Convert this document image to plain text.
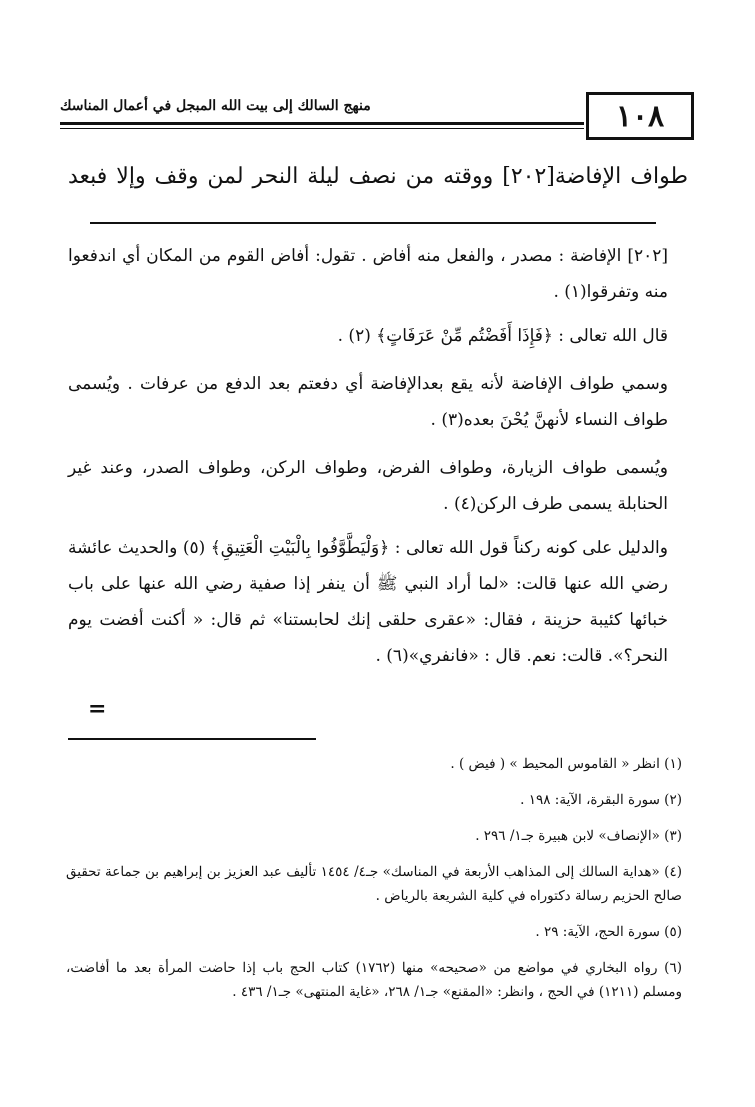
١٠٨
منهج السالك إلى بيت الله المبجل في أعمال المناسك
طواف الإفاضة[٢٠٢] ووقته من نصف ليلة النحر لمن وقف وإلا فبعد

[٢٠٢] الإفاضة : مصدر ، والفعل منه أفاض . تقول: أفاض القوم من المكان أي اندفعوا منه وتفرقوا(١) .

قال الله تعالى : ﴿فَإِذَا أَفَضْتُم مِّنْ عَرَفَاتٍ﴾ (٢) .

وسمي طواف الإفاضة لأنه يقع بعدالإفاضة أي دفعتم بعد الدفع من عرفات . ويُسمى طواف النساء لأنهنَّ يُحْنَ بعده(٣) .

ويُسمى طواف الزيارة، وطواف الفرض، وطواف الركن، وطواف الصدر، وعند غير الحنابلة يسمى طرف الركن(٤) .

والدليل على كونه ركناً قول الله تعالى : ﴿وَلْيَطَّوَّفُوا بِالْبَيْتِ الْعَتِيقِ﴾ (٥) والحديث عائشة رضي الله عنها قالت: «لما أراد النبي ﷺ أن ينفر إذا صفية رضي الله عنها على باب خبائها كئيبة حزينة ، فقال: «عقرى حلقى إنك لحابستنا» ثم قال: « أكنت أفضت يوم النحر؟». قالت: نعم. قال : «فانفري»(٦) .

=

(١) انظر « القاموس المحيط » ( فيض ) .

(٢) سورة البقرة، الآية: ١٩٨ .

(٣) «الإنصاف» لابن هبيرة جـ١/ ٢٩٦ .

(٤) «هداية السالك إلى المذاهب الأربعة في المناسك» جـ٤/ ١٤٥٤ تأليف عبد العزيز بن إبراهيم بن جماعة تحقيق صالح الحزيم رسالة دكتوراه في كلية الشريعة بالرياض .

(٥) سورة الحج، الآية: ٢٩ .

(٦) رواه البخاري في مواضع من «صحيحه» منها (١٧٦٢) كتاب الحج باب إذا حاضت المرأة بعد ما أفاضت، ومسلم (١٢١١) في الحج ، وانظر: «المقنع» جـ١/ ٢٦٨، «غاية المنتهى» جـ١/ ٤٣٦ .
